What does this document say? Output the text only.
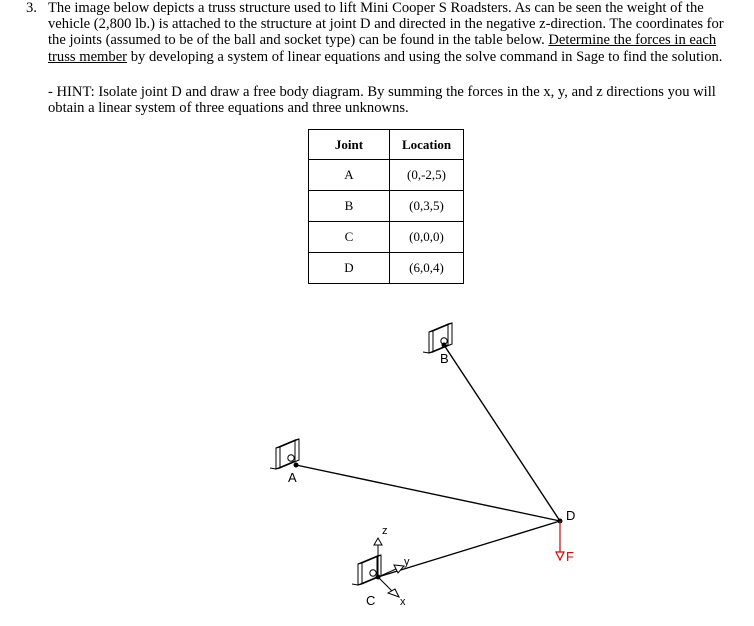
3. The image below depicts a truss structure used to lift Mini Cooper S Roadsters. As can be seen the weight of the vehicle (2,800 lb.) is attached to the structure at joint D and directed in the negative z-direction. The coordinates for the joints (assumed to be of the ball and socket type) can be found in the table below. Determine the forces in each truss member by developing a system of linear equations and using the solve command in Sage to find the solution.
- HINT: Isolate joint D and draw a free body diagram. By summing the forces in the x, y, and z directions you will obtain a linear system of three equations and three unknowns.
Joint	Location
A	(0,-2,5)
B	(0,3,5)
C	(0,0,0)
D	(6,0,4)
A
B
C
z
y
x
D
F
